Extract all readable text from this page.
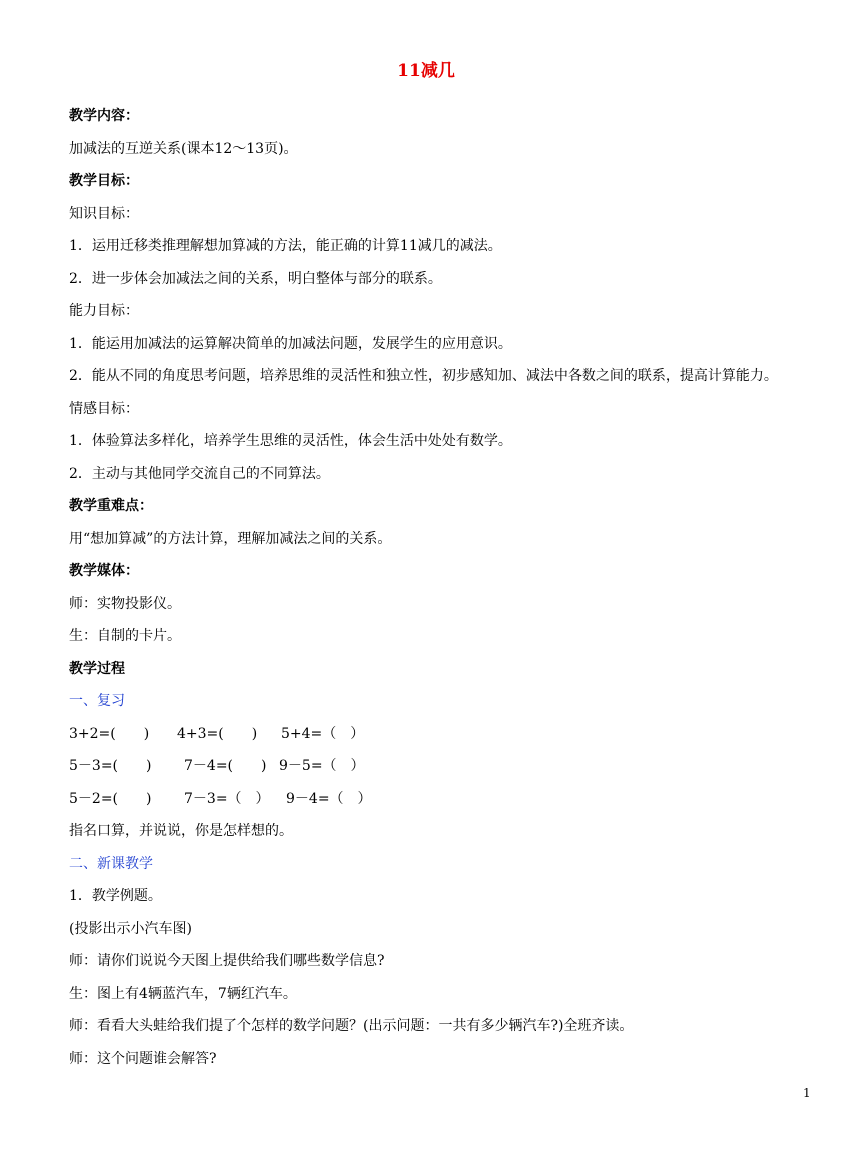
11减几
教学内容：
加减法的互逆关系(课本12～13页)。
教学目标：
知识目标：
1．运用迁移类推理解想加算减的方法，能正确的计算11减几的减法。
2．进一步体会加减法之间的关系，明白整体与部分的联系。
能力目标：
1．能运用加减法的运算解决简单的加减法问题，发展学生的应用意识。
2．能从不同的角度思考问题，培养思维的灵活性和独立性，初步感知加、减法中各数之间的联系，提高计算能力。
情感目标：
1．体验算法多样化，培养学生思维的灵活性，体会生活中处处有数学。
2．主动与其他同学交流自己的不同算法。
教学重难点：
用“想加算减”的方法计算，理解加减法之间的关系。
教学媒体：
师：实物投影仪。
生：自制的卡片。
教学过程
一、复习
3+2=(　　) 4+3=(　　) 5+4=（　）
5－3=(　　) 7－4=(　　) 9－5=（　）
5－2=(　　) 7－3=（　） 9－4=（　）
指名口算，并说说，你是怎样想的。
二、新课教学
1．教学例题。
(投影出示小汽车图)
师：请你们说说今天图上提供给我们哪些数学信息?
生：图上有4辆蓝汽车，7辆红汽车。
师：看看大头蛙给我们提了个怎样的数学问题？(出示问题：一共有多少辆汽车?)全班齐读。
师：这个问题谁会解答?
1
